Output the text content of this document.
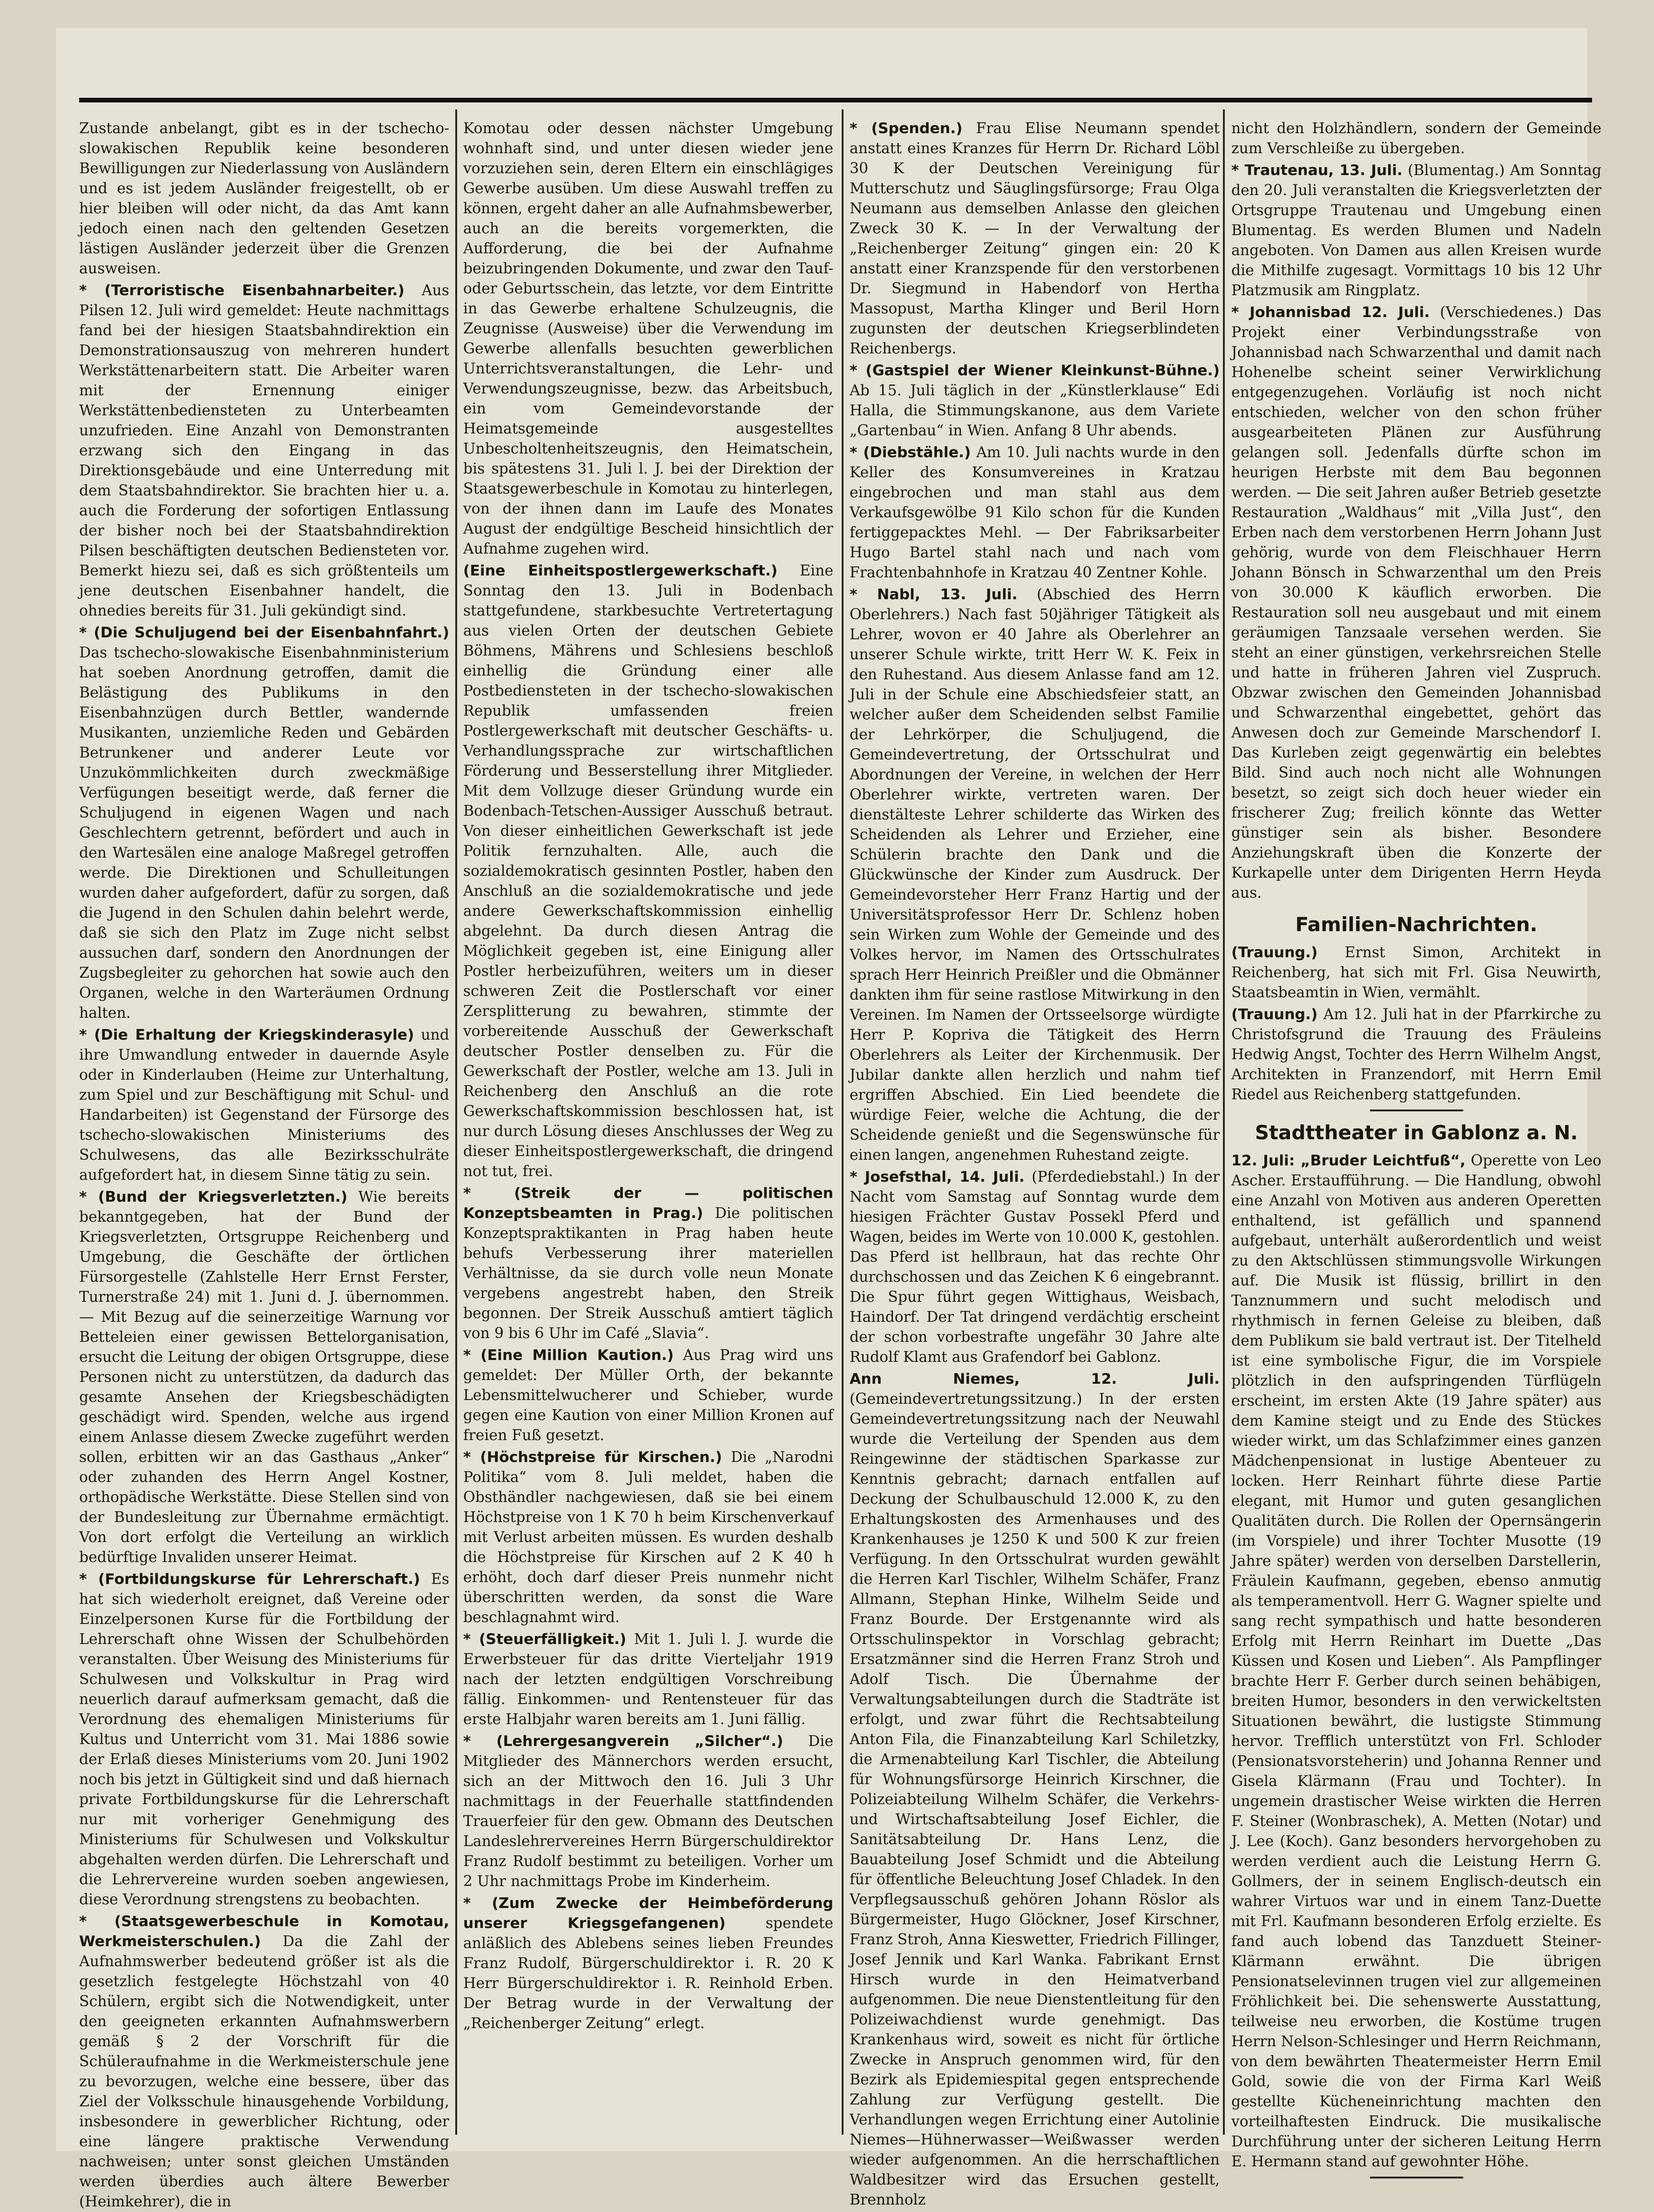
Zustande anbelangt, gibt es in der tschecho-slowakischen Republik keine besonderen Bewilligungen zur Niederlassung von Ausländern und es ist jedem Ausländer freigestellt, ob er hier bleiben will oder nicht, da das Amt kann jedoch einen nach den geltenden Gesetzen lästigen Ausländer jederzeit über die Grenzen ausweisen.

* (Terroristische Eisenbahnarbeiter.) Aus Pilsen 12. Juli wird gemeldet: Heute nachmittags fand bei der hiesigen Staatsbahndirektion ein Demonstrationsauszug von mehreren hundert Werkstättenarbeitern statt. Die Arbeiter waren mit der Ernennung einiger Werkstättenbediensteten zu Unterbeamten unzufrieden. Eine Anzahl von Demonstranten erzwang sich den Eingang in das Direktionsgebäude und eine Unterredung mit dem Staatsbahndirektor. Sie brachten hier u. a. auch die Forderung der sofortigen Entlassung der bisher noch bei der Staatsbahndirektion Pilsen beschäftigten deutschen Bediensteten vor. Bemerkt hiezu sei, daß es sich größtenteils um jene deutschen Eisenbahner handelt, die ohnedies bereits für 31. Juli gekündigt sind.

* (Die Schuljugend bei der Eisenbahnfahrt.) Das tschecho-slowakische Eisenbahnministerium hat soeben Anordnung getroffen, damit die Belästigung des Publikums in den Eisenbahnzügen durch Bettler, wandernde Musikanten, unziemliche Reden und Gebärden Betrunkener und anderer Leute vor Unzukömmlichkeiten durch zweckmäßige Verfügungen beseitigt werde, daß ferner die Schuljugend in eigenen Wagen und nach Geschlechtern getrennt, befördert und auch in den Wartesälen eine analoge Maßregel getroffen werde. Die Direktionen und Schulleitungen wurden daher aufgefordert, dafür zu sorgen, daß die Jugend in den Schulen dahin belehrt werde, daß sie sich den Platz im Zuge nicht selbst aussuchen darf, sondern den Anordnungen der Zugsbegleiter zu gehorchen hat sowie auch den Organen, welche in den Warteräumen Ordnung halten.

* (Die Erhaltung der Kriegskinderasyle) und ihre Umwandlung entweder in dauernde Asyle oder in Kinderlauben (Heime zur Unterhaltung, zum Spiel und zur Beschäftigung mit Schul- und Handarbeiten) ist Gegenstand der Fürsorge des tschecho-slowakischen Ministeriums des Schulwesens, das alle Bezirksschulräte aufgefordert hat, in diesem Sinne tätig zu sein.

* (Bund der Kriegsverletzten.) Wie bereits bekanntgegeben, hat der Bund der Kriegsverletzten, Ortsgruppe Reichenberg und Umgebung, die Geschäfte der örtlichen Fürsorgestelle (Zahlstelle Herr Ernst Ferster, Turnerstraße 24) mit 1. Juni d. J. übernommen. — Mit Bezug auf die seinerzeitige Warnung vor Betteleien einer gewissen Bettelorganisation, ersucht die Leitung der obigen Ortsgruppe, diese Personen nicht zu unterstützen, da dadurch das gesamte Ansehen der Kriegsbeschädigten geschädigt wird. Spenden, welche aus irgend einem Anlasse diesem Zwecke zugeführt werden sollen, erbitten wir an das Gasthaus „Anker“ oder zuhanden des Herrn Angel Kostner, orthopädische Werkstätte. Diese Stellen sind von der Bundesleitung zur Übernahme ermächtigt. Von dort erfolgt die Verteilung an wirklich bedürftige Invaliden unserer Heimat.

* (Fortbildungskurse für Lehrerschaft.) Es hat sich wiederholt ereignet, daß Vereine oder Einzelpersonen Kurse für die Fortbildung der Lehrerschaft ohne Wissen der Schulbehörden veranstalten. Über Weisung des Ministeriums für Schulwesen und Volkskultur in Prag wird neuerlich darauf aufmerksam gemacht, daß die Verordnung des ehemaligen Ministeriums für Kultus und Unterricht vom 31. Mai 1886 sowie der Erlaß dieses Ministeriums vom 20. Juni 1902 noch bis jetzt in Gültigkeit sind und daß hiernach private Fortbildungskurse für die Lehrerschaft nur mit vorheriger Genehmigung des Ministeriums für Schulwesen und Volkskultur abgehalten werden dürfen. Die Lehrerschaft und die Lehrervereine wurden soeben angewiesen, diese Verordnung strengstens zu beobachten.

* (Staatsgewerbeschule in Komotau, Werkmeisterschulen.) Da die Zahl der Aufnahmswerber bedeutend größer ist als die gesetzlich festgelegte Höchstzahl von 40 Schülern, ergibt sich die Notwendigkeit, unter den geeigneten erkannten Aufnahmswerbern gemäß § 2 der Vorschrift für die Schüleraufnahme in die Werkmeisterschule jene zu bevorzugen, welche eine bessere, über das Ziel der Volksschule hinausgehende Vorbildung, insbesondere in gewerblicher Richtung, oder eine längere praktische Verwendung nachweisen; unter sonst gleichen Umständen werden überdies auch ältere Bewerber (Heimkehrer), die in

Komotau oder dessen nächster Umgebung wohnhaft sind, und unter diesen wieder jene vorzuziehen sein, deren Eltern ein einschlägiges Gewerbe ausüben. Um diese Auswahl treffen zu können, ergeht daher an alle Aufnahmsbewerber, auch an die bereits vorgemerkten, die Aufforderung, die bei der Aufnahme beizubringenden Dokumente, und zwar den Tauf- oder Geburtsschein, das letzte, vor dem Eintritte in das Gewerbe erhaltene Schulzeugnis, die Zeugnisse (Ausweise) über die Verwendung im Gewerbe allenfalls besuchten gewerblichen Unterrichtsveranstaltungen, die Lehr- und Verwendungszeugnisse, bezw. das Arbeitsbuch, ein vom Gemeindevorstande der Heimatsgemeinde ausgestelltes Unbescholtenheitszeugnis, den Heimatschein, bis spätestens 31. Juli l. J. bei der Direktion der Staatsgewerbeschule in Komotau zu hinterlegen, von der ihnen dann im Laufe des Monates August der endgültige Bescheid hinsichtlich der Aufnahme zugehen wird.

(Eine Einheitspostlergewerkschaft.) Eine Sonntag den 13. Juli in Bodenbach stattgefundene, starkbesuchte Vertretertagung aus vielen Orten der deutschen Gebiete Böhmens, Mährens und Schlesiens beschloß einhellig die Gründung einer alle Postbediensteten in der tschecho-slowakischen Republik umfassenden freien Postlergewerkschaft mit deutscher Geschäfts- u. Verhandlungssprache zur wirtschaftlichen Förderung und Besserstellung ihrer Mitglieder. Mit dem Vollzuge dieser Gründung wurde ein Bodenbach-Tetschen-Aussiger Ausschuß betraut. Von dieser einheitlichen Gewerkschaft ist jede Politik fernzuhalten. Alle, auch die sozialdemokratisch gesinnten Postler, haben den Anschluß an die sozialdemokratische und jede andere Gewerkschaftskommission einhellig abgelehnt. Da durch diesen Antrag die Möglichkeit gegeben ist, eine Einigung aller Postler herbeizuführen, weiters um in dieser schweren Zeit die Postlerschaft vor einer Zersplitterung zu bewahren, stimmte der vorbereitende Ausschuß der Gewerkschaft deutscher Postler denselben zu. Für die Gewerkschaft der Postler, welche am 13. Juli in Reichenberg den Anschluß an die rote Gewerkschaftskommission beschlossen hat, ist nur durch Lösung dieses Anschlusses der Weg zu dieser Einheitspostlergewerkschaft, die dringend not tut, frei.

* (Streik der — politischen Konzeptsbeamten in Prag.) Die politischen Konzeptspraktikanten in Prag haben heute behufs Verbesserung ihrer materiellen Verhältnisse, da sie durch volle neun Monate vergebens angestrebt haben, den Streik begonnen. Der Streik Ausschuß amtiert täglich von 9 bis 6 Uhr im Café „Slavia“.

* (Eine Million Kaution.) Aus Prag wird uns gemeldet: Der Müller Orth, der bekannte Lebensmittelwucherer und Schieber, wurde gegen eine Kaution von einer Million Kronen auf freien Fuß gesetzt.

* (Höchstpreise für Kirschen.) Die „Narodni Politika“ vom 8. Juli meldet, haben die Obsthändler nachgewiesen, daß sie bei einem Höchstpreise von 1 K 70 h beim Kirschenverkauf mit Verlust arbeiten müssen. Es wurden deshalb die Höchstpreise für Kirschen auf 2 K 40 h erhöht, doch darf dieser Preis nunmehr nicht überschritten werden, da sonst die Ware beschlagnahmt wird.

* (Steuerfälligkeit.) Mit 1. Juli l. J. wurde die Erwerbsteuer für das dritte Vierteljahr 1919 nach der letzten endgültigen Vorschreibung fällig. Einkommen- und Rentensteuer für das erste Halbjahr waren bereits am 1. Juni fällig.

* (Lehrergesangverein „Silcher“.) Die Mitglieder des Männerchors werden ersucht, sich an der Mittwoch den 16. Juli 3 Uhr nachmittags in der Feuerhalle stattfindenden Trauerfeier für den gew. Obmann des Deutschen Landeslehrervereines Herrn Bürgerschuldirektor Franz Rudolf bestimmt zu beteiligen. Vorher um 2 Uhr nachmittags Probe im Kinderheim.

* (Zum Zwecke der Heimbeförderung unserer Kriegsgefangenen)	spendete anläßlich des Ablebens seines lieben Freundes Franz Rudolf, Bürgerschuldirektor i. R. 20 K Herr Bürgerschuldirektor i. R. Reinhold Erben. Der Betrag wurde in der Verwaltung der „Reichenberger Zeitung“ erlegt.

* (Spenden.) Frau Elise Neumann spendet anstatt eines Kranzes für Herrn Dr. Richard Löbl 30 K der Deutschen Vereinigung für Mutterschutz und Säuglingsfürsorge; Frau Olga Neumann aus demselben Anlasse den gleichen Zweck 30 K. — In der Verwaltung der „Reichenberger Zeitung“ gingen ein: 20 K anstatt einer Kranzspende für den verstorbenen Dr. Siegmund in Habendorf von Hertha Massopust, Martha Klinger und Beril Horn zugunsten der deutschen Kriegserblindeten Reichenbergs.

* (Gastspiel der Wiener Kleinkunst-Bühne.) Ab 15. Juli täglich in der „Künstlerklause“ Edi Halla, die Stimmungskanone, aus dem Variete „Gartenbau“ in Wien. Anfang 8 Uhr abends.

* (Diebstähle.) Am 10. Juli nachts wurde in den Keller des Konsumvereines in Kratzau eingebrochen und man stahl aus dem Verkaufsgewölbe 91 Kilo schon für die Kunden fertiggepacktes Mehl. — Der Fabriksarbeiter Hugo Bartel stahl nach und nach vom Frachtenbahnhofe in Kratzau 40 Zentner Kohle.

* Nabl, 13. Juli. (Abschied des Herrn Oberlehrers.) Nach fast 50jähriger Tätigkeit als Lehrer, wovon er 40 Jahre als Oberlehrer an unserer Schule wirkte, tritt Herr W. K. Feix in den Ruhestand. Aus diesem Anlasse fand am 12. Juli in der Schule eine Abschiedsfeier statt, an welcher außer dem Scheidenden selbst Familie der Lehrkörper, die Schuljugend, die Gemeindevertretung, der Ortsschulrat und Abordnungen der Vereine, in welchen der Herr Oberlehrer wirkte, vertreten waren. Der dienstälteste Lehrer schilderte das Wirken des Scheidenden als Lehrer und Erzieher, eine Schülerin brachte den Dank und die Glückwünsche der Kinder zum Ausdruck. Der Gemeindevorsteher Herr Franz Hartig und der Universitätsprofessor Herr Dr. Schlenz hoben sein Wirken zum Wohle der Gemeinde und des Volkes hervor, im Namen des Ortsschulrates sprach Herr Heinrich Preißler und die Obmänner dankten ihm für seine rastlose Mitwirkung in den Vereinen. Im Namen der Ortsseelsorge würdigte Herr P. Kopriva die Tätigkeit des Herrn Oberlehrers als Leiter der Kirchenmusik. Der Jubilar dankte allen herzlich und nahm tief ergriffen Abschied. Ein Lied beendete die würdige Feier, welche die Achtung, die der Scheidende genießt und die Segenswünsche für einen langen, angenehmen Ruhestand zeigte.

* Josefsthal, 14. Juli. (Pferdediebstahl.) In der Nacht vom Samstag auf Sonntag wurde dem hiesigen Frächter Gustav Possekl Pferd und Wagen, beides im Werte von 10.000 K, gestohlen. Das Pferd ist hellbraun, hat das rechte Ohr durchschossen und das Zeichen K 6 eingebrannt. Die Spur führt gegen Wittighaus, Weisbach, Haindorf. Der Tat dringend verdächtig erscheint der schon vorbestrafte ungefähr 30 Jahre alte Rudolf Klamt aus Grafendorf bei Gablonz.

Ann Niemes, 12. Juli. (Gemeindevertretungssitzung.) In der ersten Gemeindevertretungssitzung nach der Neuwahl wurde die Verteilung der Spenden aus dem Reingewinne der städtischen Sparkasse zur Kenntnis gebracht; darnach entfallen auf Deckung der Schulbauschuld 12.000 K, zu den Erhaltungskosten des Armenhauses und des Krankenhauses je 1250 K und 500 K zur freien Verfügung. In den Ortsschulrat wurden gewählt die Herren Karl Tischler, Wilhelm Schäfer, Franz Allmann, Stephan Hinke, Wilhelm Seide und Franz Bourde. Der Erstgenannte wird als Ortsschulinspektor in Vorschlag gebracht; Ersatzmänner sind die Herren Franz Stroh und Adolf Tisch. Die Übernahme der Verwaltungsabteilungen durch die Stadträte ist erfolgt, und zwar führt die Rechtsabteilung Anton Fila, die Finanzabteilung Karl Schiletzky, die Armenabteilung Karl Tischler, die Abteilung für Wohnungsfürsorge Heinrich Kirschner, die Polizeiabteilung Wilhelm Schäfer, die Verkehrs- und Wirtschaftsabteilung Josef Eichler, die Sanitätsabteilung Dr. Hans Lenz, die Bauabteilung Josef Schmidt und die Abteilung für öffentliche Beleuchtung Josef Chladek. In den Verpflegsausschuß gehören Johann Röslor als Bürgermeister, Hugo Glöckner, Josef Kirschner, Franz Stroh, Anna Kieswetter, Friedrich Fillinger, Josef Jennik und Karl Wanka. Fabrikant Ernst Hirsch wurde in den Heimatverband aufgenommen. Die neue Dienstentleitung für den Polizeiwachdienst wurde genehmigt. Das Krankenhaus wird, soweit es nicht für örtliche Zwecke in Anspruch genommen wird, für den Bezirk als Epidemiespital gegen entsprechende Zahlung zur Verfügung gestellt. Die Verhandlungen wegen Errichtung einer Autolinie Niemes—Hühnerwasser—Weißwasser werden wieder aufgenommen. An die herrschaftlichen Waldbesitzer wird das Ersuchen gestellt, Brennholz

nicht den Holzhändlern, sondern der Gemeinde zum Verschleiße zu übergeben.

* Trautenau, 13. Juli. (Blumentag.) Am Sonntag den 20. Juli veranstalten die Kriegsverletzten der Ortsgruppe Trautenau und Umgebung einen Blumentag. Es werden Blumen und Nadeln angeboten. Von Damen aus allen Kreisen wurde die Mithilfe zugesagt. Vormittags 10 bis 12 Uhr Platzmusik am Ringplatz.

* Johannisbad 12. Juli. (Verschiedenes.) Das Projekt einer Verbindungsstraße von Johannisbad nach Schwarzenthal und damit nach Hohenelbe scheint seiner Verwirklichung entgegenzugehen. Vorläufig ist noch nicht entschieden, welcher von den schon früher ausgearbeiteten Plänen zur Ausführung gelangen soll. Jedenfalls dürfte schon im heurigen Herbste mit dem Bau begonnen werden. — Die seit Jahren außer Betrieb gesetzte Restauration „Waldhaus“ mit „Villa Just“, den Erben nach dem verstorbenen Herrn Johann Just gehörig, wurde von dem Fleischhauer Herrn Johann Bönsch in Schwarzenthal um den Preis von 30.000 K käuflich erworben. Die Restauration soll neu ausgebaut und mit einem geräumigen Tanzsaale versehen werden. Sie steht an einer günstigen, verkehrsreichen Stelle und hatte in früheren Jahren viel Zuspruch. Obzwar zwischen den Gemeinden Johannisbad und Schwarzenthal eingebettet, gehört das Anwesen doch zur Gemeinde Marschendorf I. Das Kurleben zeigt gegenwärtig ein belebtes Bild. Sind auch noch nicht alle Wohnungen besetzt, so zeigt sich doch heuer wieder ein frischerer Zug; freilich könnte das Wetter günstiger sein als bisher. Besondere Anziehungskraft üben die Konzerte der Kurkapelle unter dem Dirigenten Herrn Heyda aus.

Familien-Nachrichten.

(Trauung.) Ernst Simon, Architekt in Reichenberg, hat sich mit Frl. Gisa Neuwirth, Staatsbeamtin in Wien, vermählt.

(Trauung.) Am 12. Juli hat in der Pfarrkirche zu Christofsgrund die Trauung des Fräuleins Hedwig Angst, Tochter des Herrn Wilhelm Angst, Architekten in Franzendorf, mit Herrn Emil Riedel aus Reichenberg stattgefunden.

Stadttheater in Gablonz a. N.

12. Juli: „Bruder Leichtfuß“, Operette von Leo Ascher. Erstaufführung. — Die Handlung, obwohl eine Anzahl von Motiven aus anderen Operetten enthaltend, ist gefällich und spannend aufgebaut, unterhält außerordentlich und weist zu den Aktschlüssen stimmungsvolle Wirkungen auf. Die Musik ist flüssig, brillirt in den Tanznummern und sucht melodisch und rhythmisch in fernen Geleise zu bleiben, daß dem Publikum sie bald vertraut ist. Der Titelheld ist eine symbolische Figur, die im Vorspiele plötzlich in den aufspringenden Türflügeln erscheint, im ersten Akte (19 Jahre später) aus dem Kamine steigt und zu Ende des Stückes wieder wirkt, um das Schlafzimmer eines ganzen Mädchenpensionat in lustige Abenteuer zu locken. Herr Reinhart führte diese Partie elegant, mit Humor und guten gesanglichen Qualitäten durch. Die Rollen der Opernsängerin (im Vorspiele) und ihrer Tochter Musotte (19 Jahre später) werden von derselben Darstellerin, Fräulein Kaufmann, gegeben, ebenso anmutig als temperamentvoll. Herr G. Wagner spielte und sang recht sympathisch und hatte besonderen Erfolg mit Herrn Reinhart im Duette „Das Küssen und Kosen und Lieben“. Als Pampflinger brachte Herr F. Gerber durch seinen behäbigen, breiten Humor, besonders in den verwickeltsten Situationen bewährt, die lustigste Stimmung hervor. Trefflich unterstützt von Frl. Schloder (Pensionatsvorsteherin) und Johanna Renner und Gisela Klärmann (Frau und Tochter). In ungemein drastischer Weise wirkten die Herren F. Steiner (Wonbraschek), A. Metten (Notar) und J. Lee (Koch). Ganz besonders hervorgehoben zu werden verdient auch die Leistung Herrn G. Gollmers, der in seinem Englisch-deutsch ein wahrer Virtuos war und in einem Tanz-Duette mit Frl. Kaufmann besonderen Erfolg erzielte. Es fand auch lobend das Tanzduett Steiner-Klärmann erwähnt. Die übrigen Pensionatselevinnen trugen viel zur allgemeinen Fröhlichkeit bei. Die sehenswerte Ausstattung, teilweise neu erworben, die Kostüme trugen Herrn Nelson-Schlesinger und Herrn Reichmann, von dem bewährten Theatermeister Herrn Emil Gold, sowie die von der Firma Karl Weiß gestellte Kücheneinrichtung machten den vorteilhaftesten Eindruck. Die musikalische Durchführung unter der sicheren Leitung Herrn E. Hermann stand auf gewohnter Höhe.
